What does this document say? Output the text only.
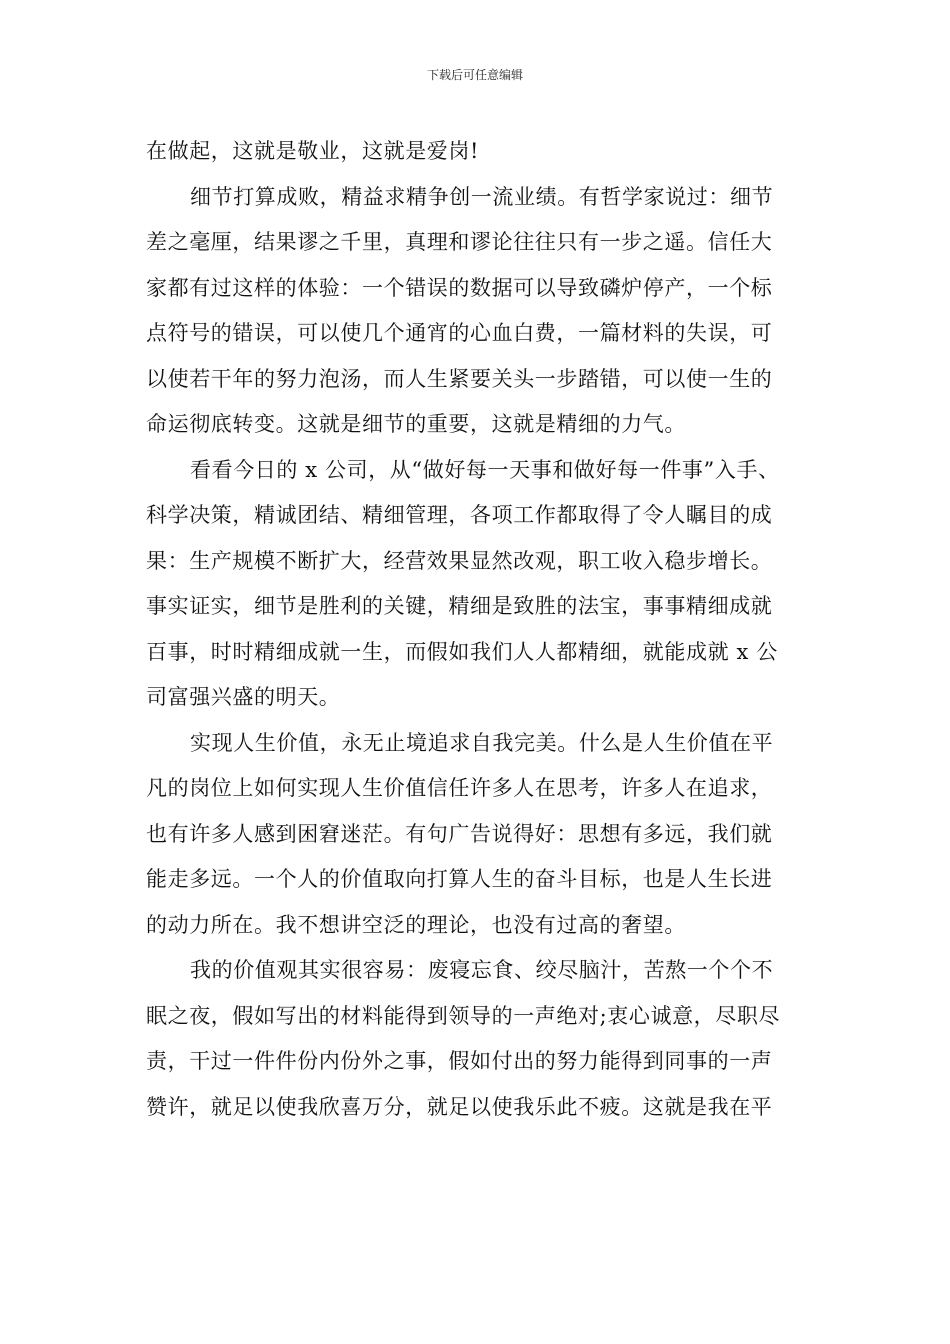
下载后可任意编辑
在做起，这就是敬业，这就是爱岗!
细节打算成败，精益求精争创一流业绩。有哲学家说过：细节
差之毫厘，结果谬之千里，真理和谬论往往只有一步之遥。信任大
家都有过这样的体验：一个错误的数据可以导致磷炉停产，一个标
点符号的错误，可以使几个通宵的心血白费，一篇材料的失误，可
以使若干年的努力泡汤，而人生紧要关头一步踏错，可以使一生的
命运彻底转变。这就是细节的重要，这就是精细的力气。
看看今日的 x 公司，从“做好每一天事和做好每一件事”入手、
科学决策，精诚团结、精细管理，各项工作都取得了令人瞩目的成
果：生产规模不断扩大，经营效果显然改观，职工收入稳步增长。
事实证实，细节是胜利的关键，精细是致胜的法宝，事事精细成就
百事，时时精细成就一生，而假如我们人人都精细，就能成就 x 公
司富强兴盛的明天。
实现人生价值，永无止境追求自我完美。什么是人生价值在平
凡的岗位上如何实现人生价值信任许多人在思考，许多人在追求，
也有许多人感到困窘迷茫。有句广告说得好：思想有多远，我们就
能走多远。一个人的价值取向打算人生的奋斗目标，也是人生长进
的动力所在。我不想讲空泛的理论，也没有过高的奢望。
我的价值观其实很容易：废寝忘食、绞尽脑汁，苦熬一个个不
眠之夜，假如写出的材料能得到领导的一声绝对;衷心诚意，尽职尽
责，干过一件件份内份外之事，假如付出的努力能得到同事的一声
赞许，就足以使我欣喜万分，就足以使我乐此不疲。这就是我在平
